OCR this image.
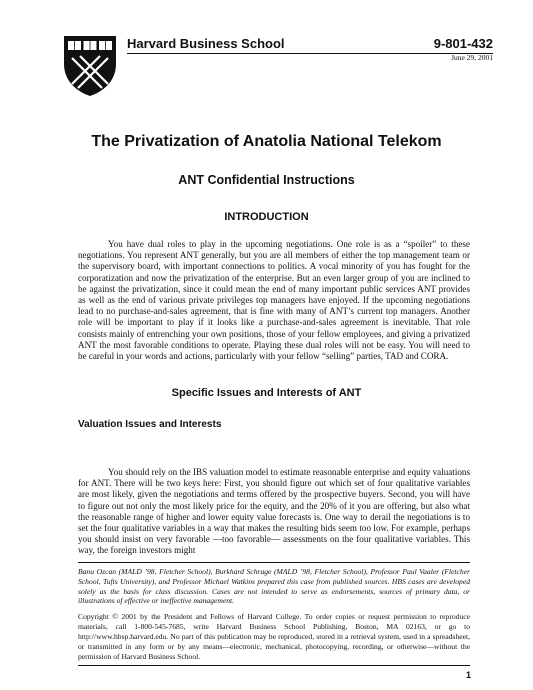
Harvard Business School	9-801-432
June 29, 2001
The Privatization of Anatolia National Telekom
ANT Confidential Instructions
INTRODUCTION

You have dual roles to play in the upcoming negotiations. One role is as a “spoiler” to these negotiations. You represent ANT generally, but you are all members of either the top management team or the supervisory board, with important connections to politics. A vocal minority of you has fought for the corporatization and now the privatization of the enterprise. But an even larger group of you are inclined to be against the privatization, since it could mean the end of many important public services ANT provides as well as the end of various private privileges top managers have enjoyed. If the upcoming negotiations lead to no purchase-and-sales agreement, that is fine with many of ANT’s current top managers. Another role will be important to play if it looks like a purchase-and-sales agreement is inevitable. That role consists mainly of entrenching your own positions, those of your fellow employees, and giving a privatized ANT the most favorable conditions to operate. Playing these dual roles will not be easy. You will need to be careful in your words and actions, particularly with your fellow “selling” parties, TAD and CORA.

Specific Issues and Interests of ANT
Valuation Issues and Interests

You should rely on the IBS valuation model to estimate reasonable enterprise and equity valuations for ANT. There will be two keys here: First, you should figure out which set of four qualitative variables are most likely, given the negotiations and terms offered by the prospective buyers. Second, you will have to figure out not only the most likely price for the equity, and the 20% of it you are offering, but also what the reasonable range of higher and lower equity value forecasts is. One way to derail the negotiations is to set the four qualitative variables in a way that makes the resulting bids seem too low. For example, perhaps you should insist on very favorable —too favorable— assessments on the four qualitative variables. This way, the foreign investors might

Banu Ozcan (MALD ’98, Fletcher School), Burkhard Schrage (MALD ’98, Fletcher School), Professor Paul Vaaler (Fletcher School, Tufts University), and Professor Michael Watkins prepared this case from published sources. HBS cases are developed solely as the basis for class discussion. Cases are not intended to serve as endorsements, sources of primary data, or illustrations of effective or ineffective management.

Copyright © 2001 by the President and Fellows of Harvard College. To order copies or request permission to reproduce materials, call 1-800-545-7685, write Harvard Business School Publishing, Boston, MA 02163, or go to http://www.hbsp.harvard.edu. No part of this publication may be reproduced, stored in a retrieval system, used in a spreadsheet, or transmitted in any form or by any means—electronic, mechanical, photocopying, recording, or otherwise—without the permission of Harvard Business School.

1
